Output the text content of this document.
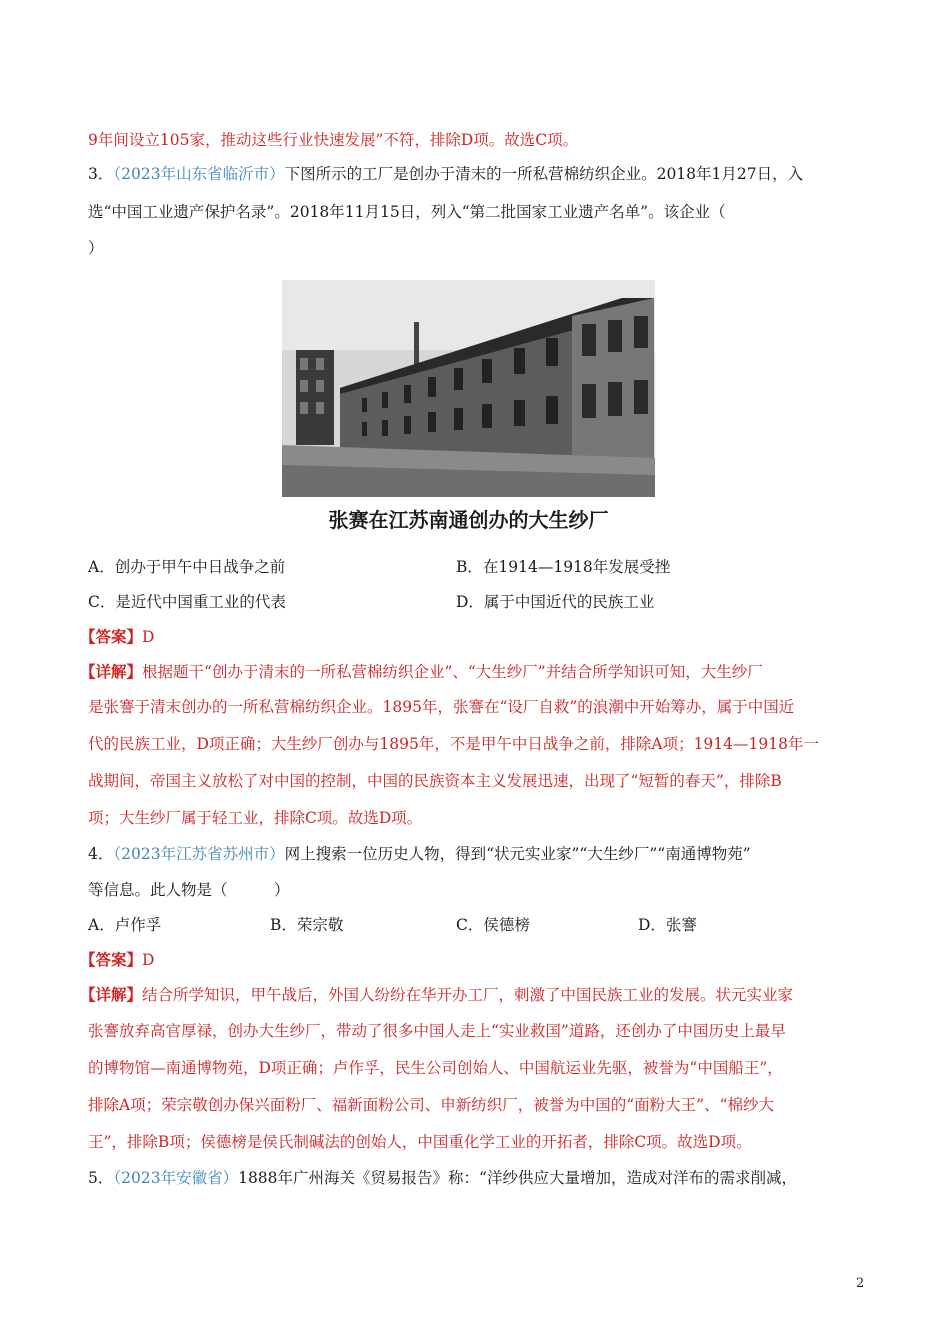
9年间设立105家，推动这些行业快速发展”不符，排除D项。故选C项。
3．（2023年山东省临沂市）下图所示的工厂是创办于清末的一所私营棉纺织企业。2018年1月27日，入
选“中国工业遗产保护名录”。2018年11月15日，列入“第二批国家工业遗产名单”。该企业（
）
张赛在江苏南通创办的大生纱厂
A．创办于甲午中日战争之前	B．在1914—1918年发展受挫
C．是近代中国重工业的代表	D．属于中国近代的民族工业
【答案】D
【详解】根据题干“创办于清末的一所私营棉纺织企业”、“大生纱厂”并结合所学知识可知，大生纱厂
是张謇于清末创办的一所私营棉纺织企业。1895年，张謇在“设厂自救”的浪潮中开始筹办，属于中国近
代的民族工业，D项正确；大生纱厂创办与1895年，不是甲午中日战争之前，排除A项；1914—1918年一
战期间，帝国主义放松了对中国的控制，中国的民族资本主义发展迅速，出现了“短暂的春天”，排除B
项；大生纱厂属于轻工业，排除C项。故选D项。
4．（2023年江苏省苏州市）网上搜索一位历史人物，得到“状元实业家”“大生纱厂”“南通博物苑”
等信息。此人物是（　　　）
A．卢作孚	B．荣宗敬	C．侯德榜	D．张謇
【答案】D
【详解】结合所学知识，甲午战后，外国人纷纷在华开办工厂，刺激了中国民族工业的发展。状元实业家
张謇放弃高官厚禄，创办大生纱厂，带动了很多中国人走上“实业救国”道路，还创办了中国历史上最早
的博物馆—南通博物苑，D项正确；卢作孚，民生公司创始人、中国航运业先驱，被誉为“中国船王”，
排除A项；荣宗敬创办保兴面粉厂、福新面粉公司、申新纺织厂，被誉为中国的“面粉大王”、“棉纱大
王”，排除B项；侯德榜是侯氏制碱法的创始人，中国重化学工业的开拓者，排除C项。故选D项。
5．（2023年安徽省）1888年广州海关《贸易报告》称：“洋纱供应大量增加，造成对洋布的需求削减，
2
